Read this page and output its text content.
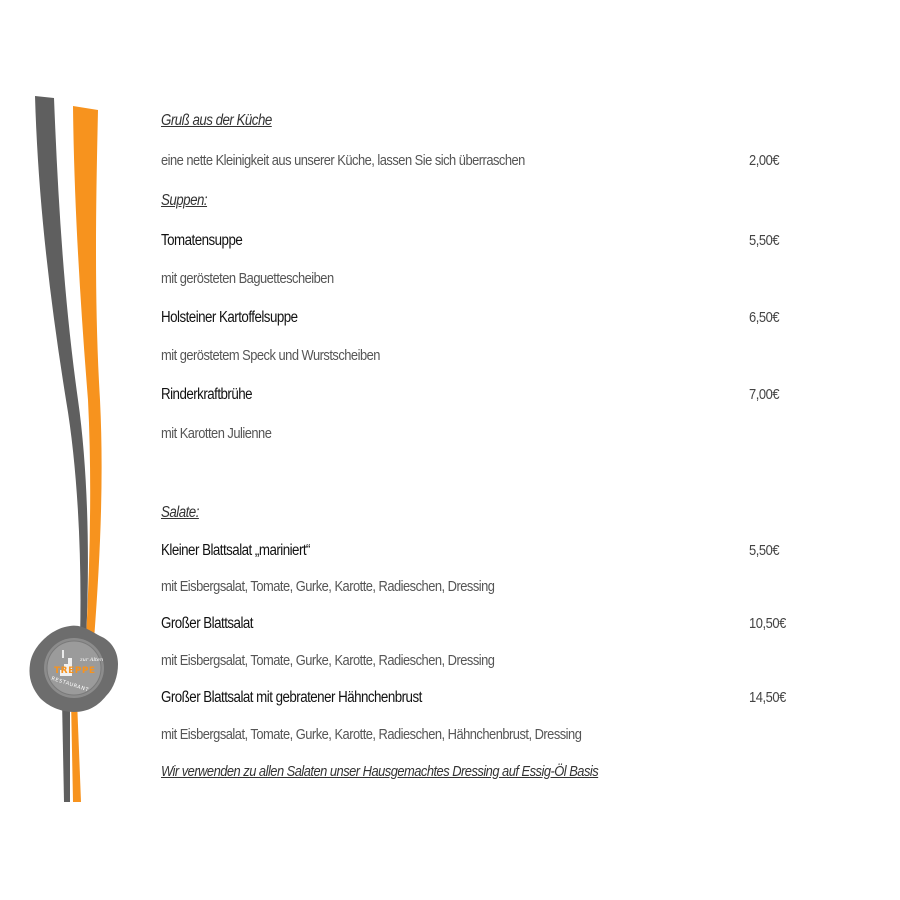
zur Alten
TREPPE
RESTAURANT
Gruß aus der Küche
eine nette Kleinigkeit aus unserer Küche, lassen Sie sich überraschen
Suppen:
Tomatensuppe
mit gerösteten Baguettescheiben
Holsteiner Kartoffelsuppe
mit geröstetem Speck und Wurstscheiben
Rinderkraftbrühe
mit Karotten Julienne
Salate:
Kleiner Blattsalat „mariniert“
mit Eisbergsalat, Tomate, Gurke, Karotte, Radieschen, Dressing
Großer Blattsalat
mit Eisbergsalat, Tomate, Gurke, Karotte, Radieschen, Dressing
Großer Blattsalat mit gebratener Hähnchenbrust
mit Eisbergsalat, Tomate, Gurke, Karotte, Radieschen, Hähnchenbrust, Dressing
Wir verwenden zu allen Salaten unser Hausgemachtes Dressing auf Essig-Öl Basis
2,00€
5,50€
6,50€
7,00€
5,50€
10,50€
14,50€
